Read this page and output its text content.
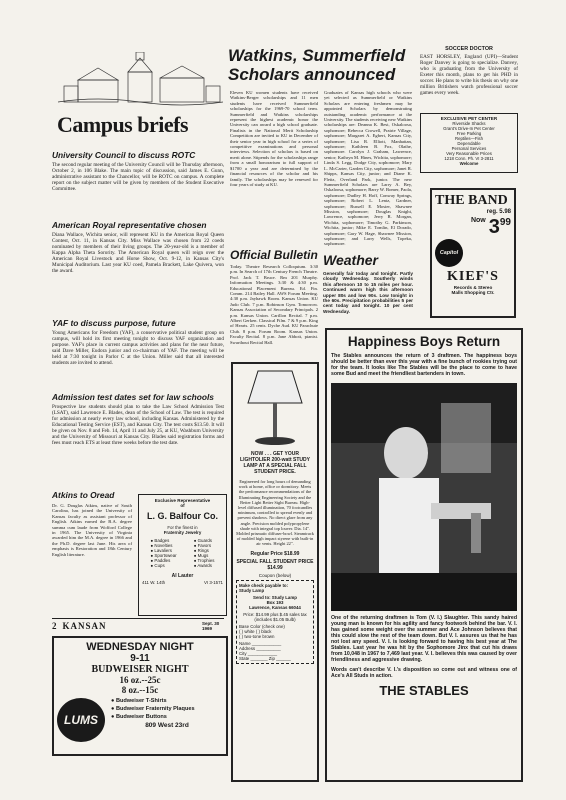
Campus briefs
University Council to discuss ROTC
The second regular meeting of the University Council will be Thursday afternoon, October 2, in 106 Blake. The main topic of discussion, said James E. Gunn, administrative assistant to the Chancellor, will be ROTC on campus. A complete report on the subject matter will be given by members of the Student Executive Committee.
American Royal representative chosen
Diana Wallace, Wichita senior, will represent KU in the American Royal Queen Contest, Oct. 11, in Kansas City. Miss Wallace was chosen from 22 coeds nominated by members of their living groups. The 20-year-old is a member of Kappa Alpha Theta Sorority. The American Royal queen will reign over the American Royal Livestock and Horse Show, Oct. 9-12, in Kansas City's Municipal Auditorium. Last year KU coed, Pamela Brackett, Lake Quivera, won the award.
YAF to discuss purpose, future
Young Americans for Freedom (YAF), a conservative political student group on campus, will hold its first meeting tonight to discuss YAF organization and purpose. YAF's place in current campus activities and plans for the near future, said Dave Miller, Eudora junior and co-chairman of YAF. The meeting will be held at 7:30 tonight in Parlor C at the Union. Miller said that all interested students are invited to attend.
Admission test dates set for law schools
Prospective law students should plan to take the Law School Admission Test (LSAT), said Lawrence E. Blades, dean of the School of Law. The test is required for admission at nearly every law school, including Kansas. Administered by the Educational Testing Service (EST), and Kansas City. The test costs $13.50. It will be given on Nov. 8 and Feb. 14, April 11 and July 25, at KU, Washburn University and the University of Missouri at Kansas City. Blades said registration forms and fees must reach ETS at least three weeks before the test date.
Atkins to Oread
Dr. G. Douglas Atkins, native of South Carolina, has joined the University of Kansas faculty as assistant professor of English. Atkins earned the B.A. degree summa cum laude from Wofford College in 1965. The University of Virginia awarded him the M.A. degree in 1966 and the Ph.D. degree last June. His area of emphasis is Restoration and 18th Century English literature.
Exclusive Representative
of
L. G. Balfour Co.
For the finest in
Fraternity Jewelry
● Badges
● Novelties
● Lavaliers
● Sportswear
● Paddles
● Cups
● Guards
● Favors
● Rings
● Mugs
● Trophies
● Awards
Al Lauter
411 W. 14th	VI 3-1571
2 KANSAN	Sept. 30 1969
WEDNESDAY NIGHT
9-11
BUDWEISER NIGHT
16 oz.--25c
8 oz.--15c
LUMS
● Budweiser T-Shirts
● Budweiser Fraternity Plaques
● Budweiser Buttons
809 West 23rd
Watkins, Summerfield Scholars announced
Eleven KU women students have received Watkins-Berger scholarships and 11 men students have received Summerfield scholarships for the 1969-70 school term. Summerfield and Watkins scholarships represent the highest academic honor the University can award a high school graduate. Finalists in the National Merit Scholarship Competition are invited to KU in December of their senior year in high school for a series of competitive examinations and personal interviews. Selection of scholars is based on merit alone. Stipends for the scholarships range from a small honorarium to full support of $1700 a year and are determined by the financial resources of the scholar and his family. The scholarships may be renewed for four years of study at KU.
Graduates of Kansas high schools who were yet selected as Summerfield or Watkins Scholars are entering freshmen may be appointed Scholars by demonstrating outstanding academic performance at the University. The students receiving new Watkins scholarships are: Deanna K. Best, Oskaloosa, sophomore; Rebecca Crowell, Prairie Village, sophomore; Margaret A. Egbert, Kansas City, sophomore; Lisa R. Elliott, Manhattan, sophomore; Kathleen B. Fox, Olathe, sophomore. Carolyn J. Graham, Lawrence, senior; Kathryn M. Hines, Wichita, sophomore; Linda S. Legg, Dodge City, sophomore; Mary L. McCarter, Garden City, sophomore; Janet R. Shipps, Kansas City, junior; and Diane K. Fleitz, Overland Park, junior. The new Summerfield Scholars are Larry A. Bey, Oskaloosa, sophomore; Barry W. Bomer, Paola, sophomore; Dudley H. Hoff, Conway Springs, sophomore; Robert L. Lentz, Gardner, sophomore; Russell E. Mosier, Shawnee Mission, sophomore; Douglas Knight, Lawrence, sophomore; Jerry R. Morgan, Wichita, sophomore; Timothy G. Parkinson, Wichita, junior; Mike E. Tomlin, El Dorado, sophomore; Gary W. Hage, Shawnee Mission, sophomore; and Larry Wells, Topeka, sophomore.
Official Bulletin
Today. Theatre Research Colloquium. 3:30 p.m. In Search of 17th Century French Theatre. Prof. Jack T. Bruce. Rm 201 Murphy. Information Meetings. 3:30 & 4:30 p.m. Educational Placement Bureau. Ed. Fin. Comm. 214 Bailey Hall. AWS Forum Meeting. 4:30 p.m. Jayhawk Room. Kansas Union. KU Judo Club. 7 p.m. Robinson Gym. Tomorrow. Kansas Association of Secondary Principals. 2 p.m. Kansas Union. Carillon Recital. 7 p.m. Albert Gerken. Classical Film. 7 & 9 p.m. King of Hearts. 25 cents. Dyche Aud. KU Parachute Club. 8 p.m. Forum Room. Kansas Union. Faculty Recital. 8 p.m. Jane Abbott, pianist. Swarthout Recital Hall.
Weather
Generally fair today and tonight. Partly cloudy Wednesday. Southerly winds this afternoon 10 to 15 miles per hour. Continued warm high this afternoon upper 80s and low 90s. Low tonight in the 60s. Precipitation probabilities 5 per cent today and tonight. 10 per cent Wednesday.
NOW . . . GET YOUR LIGHTOLIER 200-watt STUDY LAMP AT A SPECIAL FALL STUDENT PRICE.
Engineered for long hours of demanding work at home, office or dormitory. Meets the performance recommendations of the Illuminating Engineering Society and the Better Light Better Sight Bureau. High-level diffused illumination, 70 footcandles minimum, controlled to spread evenly and prevent shadows. No direct glare from any angle. Precision molded polypropylene shade with integral top louver. Dia. 14". Molded prismatic diffuser-bowl. Steamtrack of molded high impact styrene with built-in air vents. Height 22".
Regular Price $18.99
SPECIAL FALL STUDENT PRICE $14.99
Coupon (below)
Make check payable to:
Study Lamp
Send to: Study Lamp
Box 193
Lawrence, Kansas 66044
Price: $14.99 plus $.45 sales tax (includes $1.05 Bulb)
Base Color (check one)
( ) white ( ) black
( ) two-tone brown
Name ____________
Address __________
City ____________
State _______ Zip ______
SOCCER DOCTOR
EAST HORSLEY, England (UPI)—Student Roger Danvey is going to specialize. Danvey, who is graduating from the University of Exeter this month, plans to get his PHD in soccer. He plans to write his thesis on why one million Britishers watch professional soccer games every week.
EXCLUSIVE PET CENTER
Riverside Shacks
Grant's Drive-In Pet Center
Free Parking
Reptiles—Fish
Dependable
Personal Services
Very Reasonable Prices
1218 Conn. Ph. VI 3-2811
Welcome
THE BAND
reg. 5.98
Now 3 99
Capitol
KIEF'S
Records & Stereo
Malls Shopping Ctr.
Happiness Boys Return
The Stables announces the return of 3 draftmen. The happiness boys should be better than ever this year with a fine bunch of rookies trying out for the team. It looks like The Stables will be the place to come to have some Bud and meet the friendliest bartenders in town.
One of the returning draftmen is Tom (V. I.) Slaughter. This sandy haired young man is known for his agility and fancy footwork behind the bar. V. I. has gained some weight over the summer and Ace Johnson believes that this could slow the rest of the team down. But V. I. assures us that he has not lost any speed. V. I. is looking forward to having his best year at The Stables. Last year he was hit by the Sophomore Jinx that cut his draws from 10,048 in 1967 to 7,469 last year. V. I. believes this was caused by over friendliness and aggressive drawing.
Words can't describe V. I.'s disposition so come out and witness one of Ace's All Studs in action.
THE STABLES
